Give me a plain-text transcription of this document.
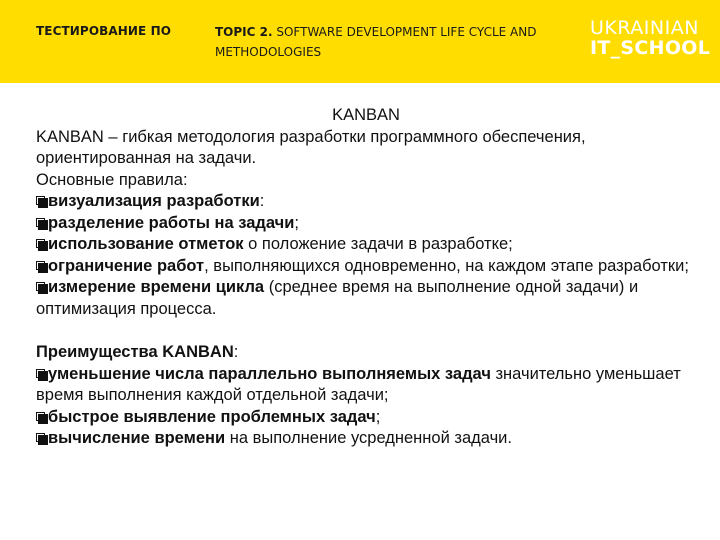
ТЕСТИРОВАНИЕ ПО	TOPIC 2. SOFTWARE DEVELOPMENT LIFE CYCLE AND METHODOLOGIES
UKRAINIAN
IT_SCHOOL
KANBAN
KANBAN – гибкая методология разработки программного обеспечения, ориентированная на задачи.
Основные правила:
визуализация разработки:
разделение работы на задачи;
использование отметок о положение задачи в разработке;
ограничение работ, выполняющихся одновременно, на каждом этапе разработки;
измерение времени цикла (среднее время на выполнение одной задачи) и оптимизация процесса.
Преимущества KANBAN:
уменьшение числа параллельно выполняемых задач значительно уменьшает время выполнения каждой отдельной задачи;
быстрое выявление проблемных задач;
вычисление времени на выполнение усредненной задачи.
